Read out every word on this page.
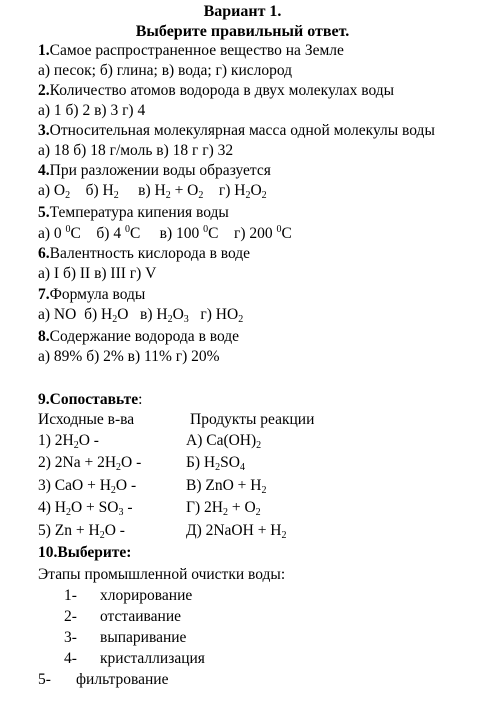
Вариант 1.
Выберите правильный ответ.
1.Самое распространенное вещество на Земле
а) песок; б) глина; в) вода; г) кислород
2.Количество атомов водорода в двух молекулах воды
а) 1 б) 2 в) 3 г) 4
3.Относительная молекулярная масса одной молекулы воды
а) 18 б) 18 г/моль в) 18 г г) 32
4.При разложении воды образуется
а) $O_2$ б) $H_2$ в) $H_2 + O_2$ г) $H_2O_2$
5.Температура кипения воды
а) 0 $^0$С б) 4 $^0$С в) 100 $^0$С г) 200 $^0$С
6.Валентность кислорода в воде
а) I б) II в) III г) V
7.Формула воды
а) NO б) $H_2O$ в) $H_2O_3$ г) $HO_2$
8.Содержание водорода в воде
а) 89% б) 2% в) 11% г) 20%
9.Сопоставьте:
Исходные в-ва	Продукты реакции
1) $2H_2O$ -	А) $Ca(OH)_2$
2) $2Na + 2H_2O$ -	Б) $H_2SO_4$
3) CaO + $H_2O$ -	В) ZnO + $H_2$
4) $H_2O + SO_3$ -	Г) $2H_2 + O_2$
5) $Zn + H_2O$ -	Д) 2NaOH + $H_2$
10.Выберите:
Этапы промышленной очистки воды:
1- хлорирование
2- отстаивание
3- выпаривание
4- кристаллизация
5- фильтрование
